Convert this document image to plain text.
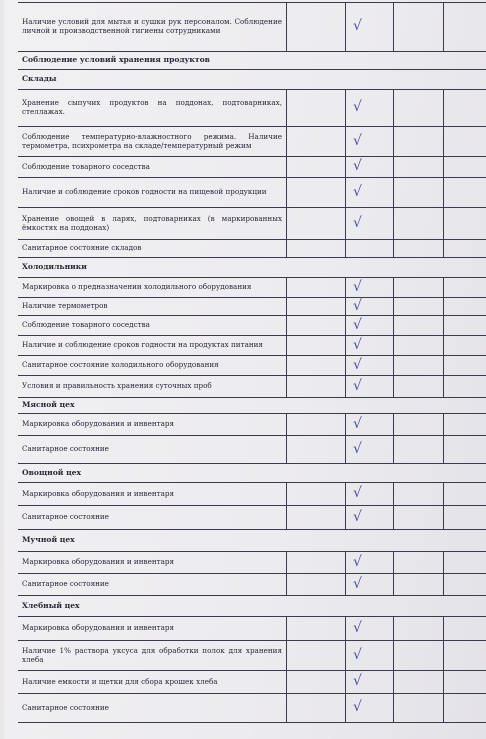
Наличие условий для мытья и сушки рук персоналом. Соблюдение личной и производственной гигиены сотрудниками	√
Соблюдение условий хранения продуктов
Склады
Хранение сыпучих продуктов на поддонах, подтоварниках, стеллажах.	√
Соблюдение температурно-влажностного режима. Наличие термометра, психрометра на складе/температурный режим	√
Соблюдение товарного соседства	√
Наличие и соблюдение сроков годности на пищевой продукции	√
Хранение овощей в ларях, подтоварниках (в маркированных ёмкостях на поддонах)	√
Санитарное состояние складов
Холодильники
Маркировка о предназначении холодильного оборудования	√
Наличие термометров	√
Соблюдение товарного соседства	√
Наличие и соблюдение сроков годности на продуктах питания	√
Санитарное состояние холодильного оборудования	√
Условия и правильность хранения суточных проб	√
Мясной цех
Маркировка оборудования и инвентаря	√
Санитарное состояние	√
Овощной цех
Маркировка оборудования и инвентаря	√
Санитарное состояние	√
Мучной цех
Маркировка оборудования и инвентаря	√
Санитарное состояние	√
Хлебный цех
Маркировка оборудования и инвентаря	√
Наличие 1% раствора уксуса для обработки полок для хранения хлеба	√
Наличие емкости и щетки для сбора крошек хлеба	√
Санитарное состояние	√
